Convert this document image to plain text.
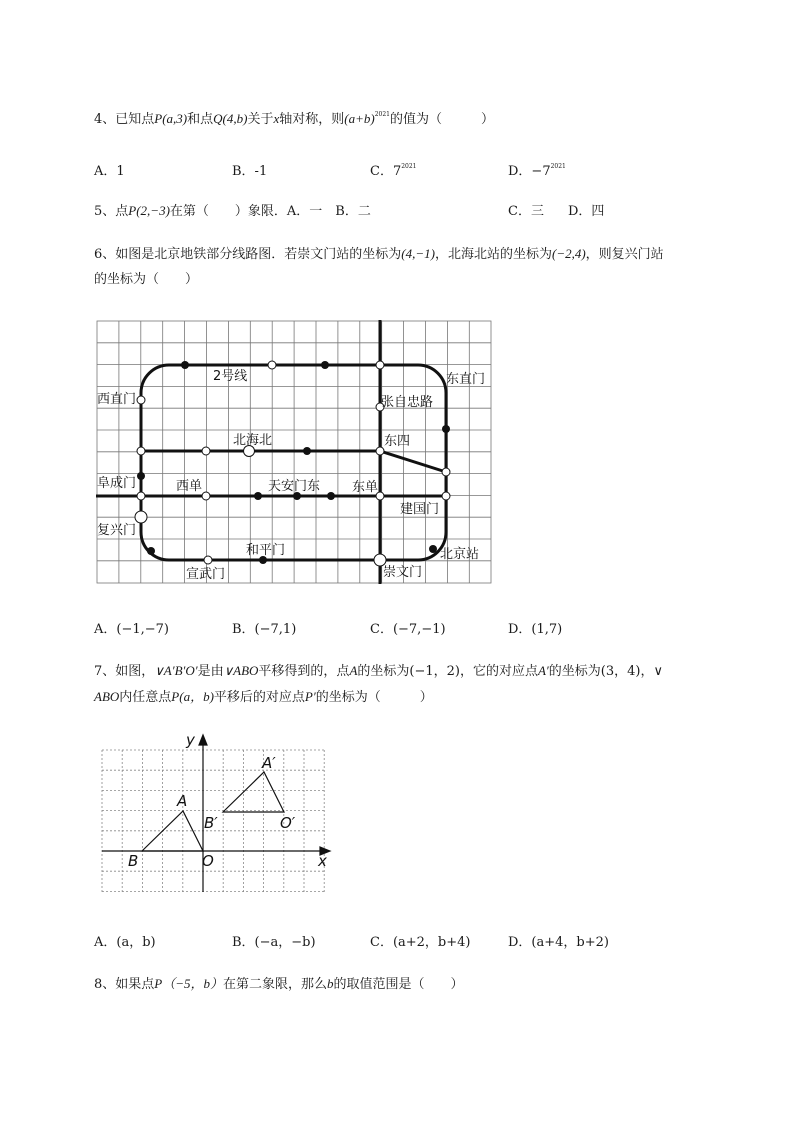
4、已知点P(a,3)和点Q(4,b)关于x轴对称，则$(a+b)^{2021}$的值为（　　　）
A．1	B．-1	C．$7^{2021}$	D．$-7^{2021}$
5、点P(2,−3)在第（　　）象限．A．一　B．二	C．三 D．四
6、如图是北京地铁部分线路图．若崇文门站的坐标为(4,−1)，北海北站的坐标为(−2,4)，则复兴门站
的坐标为（　　）
2号线
西直门
东直门
张自忠路
北海北	东四
阜成门	西单	天安门东 东单
建国门
复兴门
和平门	北京站
宣武门	崇文门
A．(−1,−7)	B．(−7,1)	C．(−7,−1)	D．(1,7)
7、如图，∨A′B′O′是由∨ABO平移得到的，点A的坐标为(−1，2)，它的对应点A′的坐标为(3，4)，∨
ABO内任意点P(a，b)平移后的对应点P′的坐标为（　　　）
y
x
A
A′
B
B′
O
O′
A．(a，b)	B．(−a，−b)	C．(a+2，b+4)	D．(a+4，b+2)
8、如果点P（−5，b）在第二象限，那么b的取值范围是（　　）
